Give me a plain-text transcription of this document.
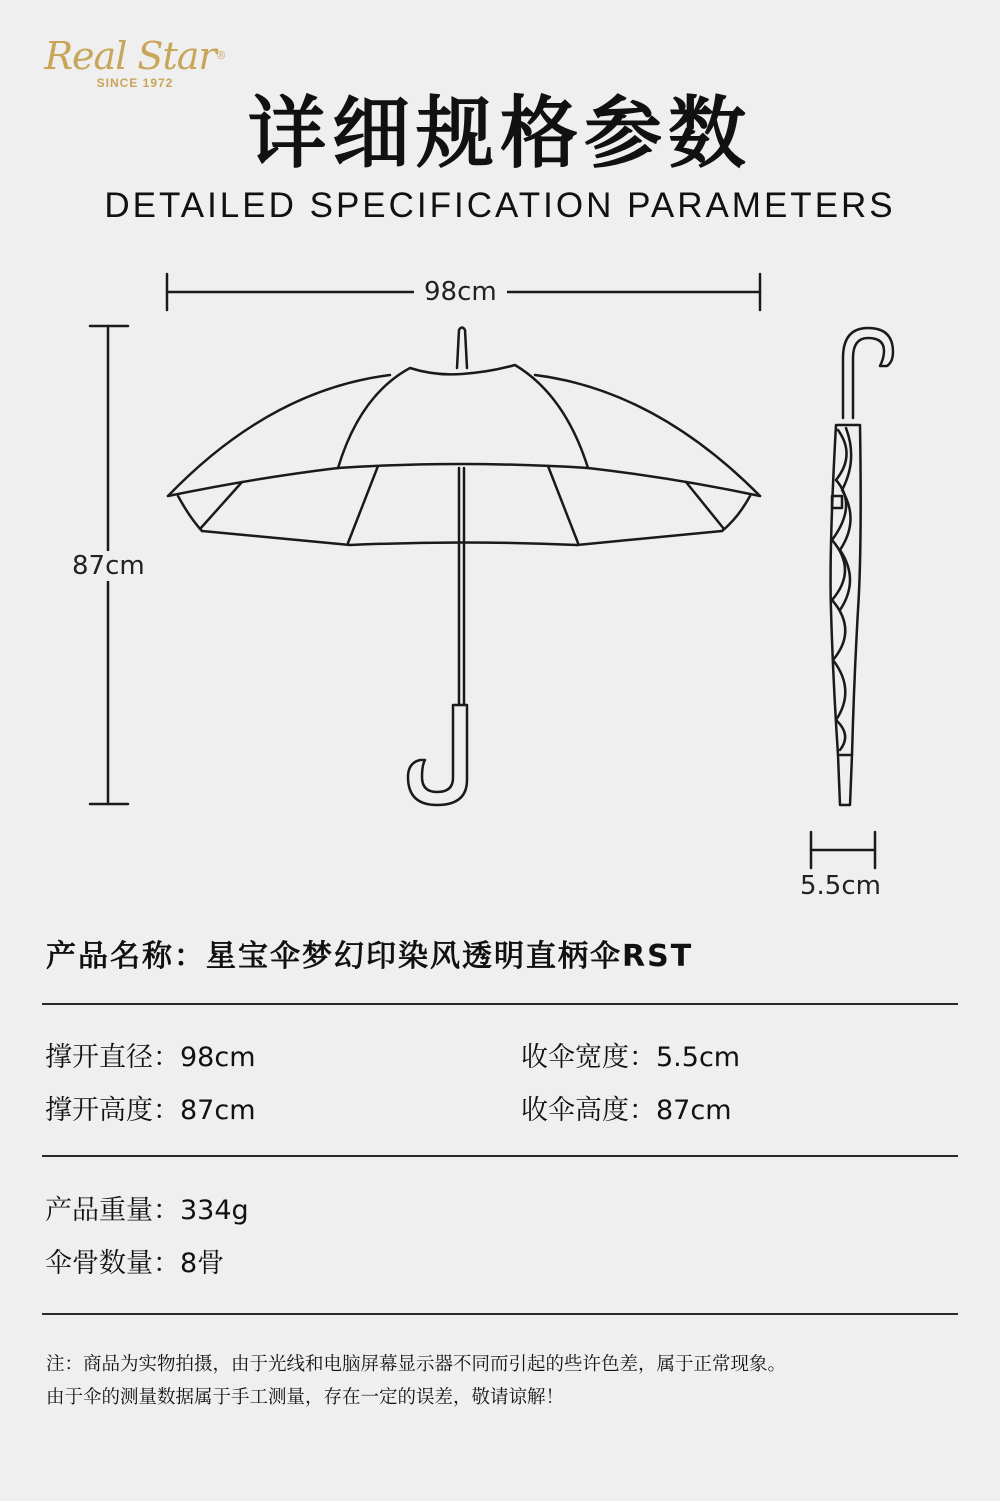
Real Star®
SINCE 1972
详细规格参数
DETAILED SPECIFICATION PARAMETERS
98cm
87cm
5.5cm
产品名称：星宝伞梦幻印染风透明直柄伞RST
撑开直径：98cm	收伞宽度：5.5cm
撑开高度：87cm	收伞高度：87cm
产品重量：334g
伞骨数量：8骨
注：商品为实物拍摄，由于光线和电脑屏幕显示器不同而引起的些许色差，属于正常现象。
由于伞的测量数据属于手工测量，存在一定的误差，敬请谅解！
